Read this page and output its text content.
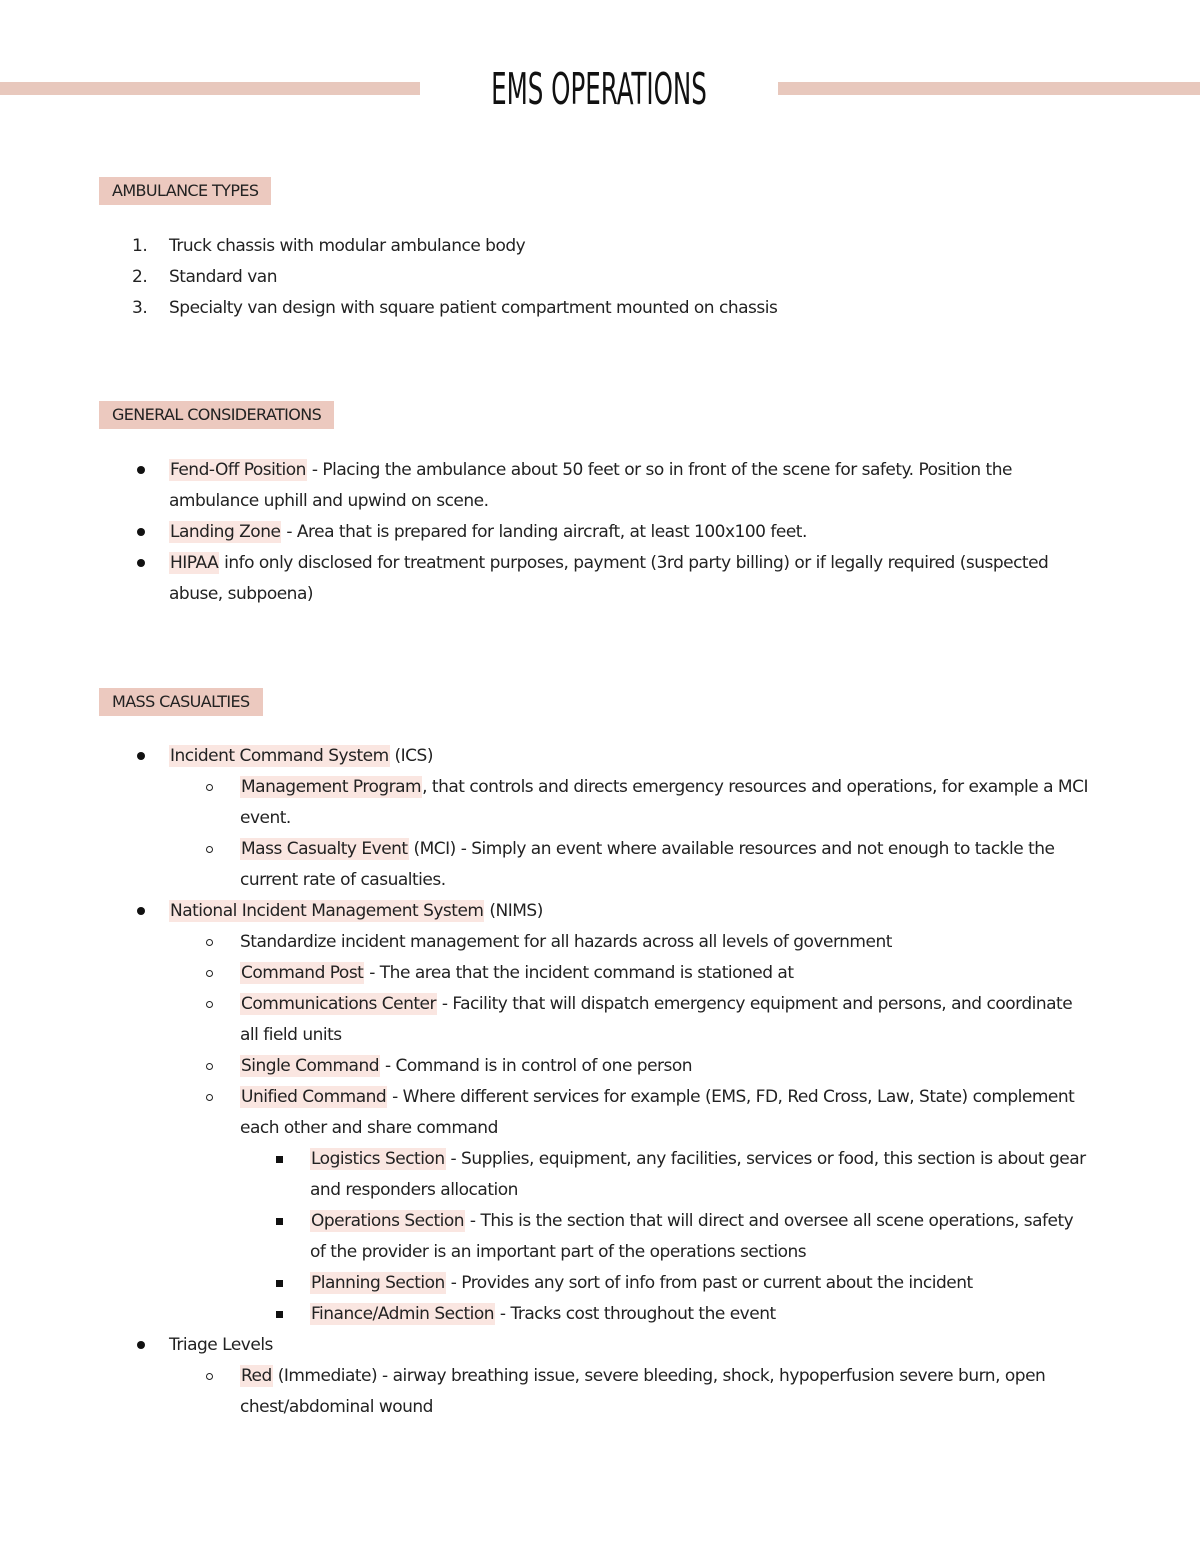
EMS OPERATIONS
AMBULANCE TYPES
1. Truck chassis with modular ambulance body
2. Standard van
3. Specialty van design with square patient compartment mounted on chassis
GENERAL CONSIDERATIONS
Fend-Off Position - Placing the ambulance about 50 feet or so in front of the scene for safety. Position the ambulance uphill and upwind on scene.
Landing Zone - Area that is prepared for landing aircraft, at least 100x100 feet.
HIPAA info only disclosed for treatment purposes, payment (3rd party billing) or if legally required (suspected abuse, subpoena)
MASS CASUALTIES
Incident Command System (ICS)
Management Program, that controls and directs emergency resources and operations, for example a MCI event.
Mass Casualty Event (MCI) - Simply an event where available resources and not enough to tackle the current rate of casualties.
National Incident Management System (NIMS)
Standardize incident management for all hazards across all levels of government
Command Post - The area that the incident command is stationed at
Communications Center - Facility that will dispatch emergency equipment and persons, and coordinate all field units
Single Command - Command is in control of one person
Unified Command - Where different services for example (EMS, FD, Red Cross, Law, State) complement each other and share command
Logistics Section - Supplies, equipment, any facilities, services or food, this section is about gear and responders allocation
Operations Section - This is the section that will direct and oversee all scene operations, safety of the provider is an important part of the operations sections
Planning Section - Provides any sort of info from past or current about the incident
Finance/Admin Section - Tracks cost throughout the event
Triage Levels
Red (Immediate) - airway breathing issue, severe bleeding, shock, hypoperfusion severe burn, open chest/abdominal wound
